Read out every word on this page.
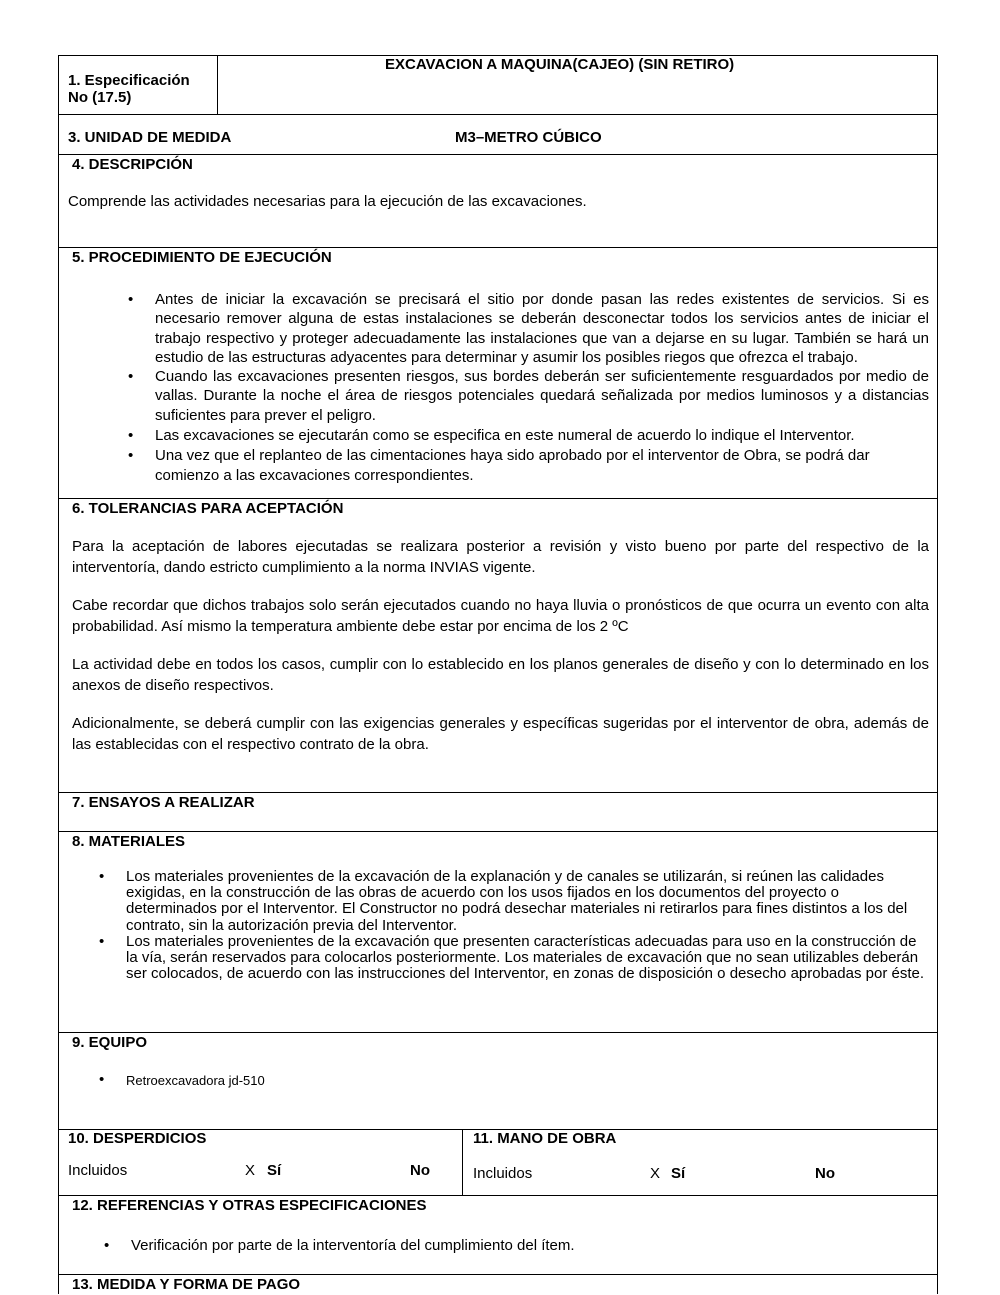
1. Especificación
No (17.5)
EXCAVACION A MAQUINA(CAJEO) (SIN RETIRO)
3. UNIDAD DE MEDIDA	M3–METRO CÚBICO
4. DESCRIPCIÓN
Comprende las actividades necesarias para la ejecución de las excavaciones.
5. PROCEDIMIENTO DE EJECUCIÓN
• Antes de iniciar la excavación se precisará el sitio por donde pasan las redes existentes de servicios. Si es necesario remover alguna de estas instalaciones se deberán desconectar todos los servicios antes de iniciar el trabajo respectivo y proteger adecuadamente las instalaciones que van a dejarse en su lugar. También se hará un estudio de las estructuras adyacentes para determinar y asumir los posibles riegos que ofrezca el trabajo.
• Cuando las excavaciones presenten riesgos, sus bordes deberán ser suficientemente resguardados por medio de vallas. Durante la noche el área de riesgos potenciales quedará señalizada por medios luminosos y a distancias suficientes para prever el peligro.
• Las excavaciones se ejecutarán como se especifica en este numeral de acuerdo lo indique el Interventor.
• Una vez que el replanteo de las cimentaciones haya sido aprobado por el interventor de Obra, se podrá dar comienzo a las excavaciones correspondientes.
6. TOLERANCIAS PARA ACEPTACIÓN
Para la aceptación de labores ejecutadas se realizara posterior a revisión y visto bueno por parte del respectivo de la interventoría, dando estricto cumplimiento a la norma INVIAS vigente.
Cabe recordar que dichos trabajos solo serán ejecutados cuando no haya lluvia o pronósticos de que ocurra un evento con alta probabilidad. Así mismo la temperatura ambiente debe estar por encima de los 2 ºC
La actividad debe en todos los casos, cumplir con lo establecido en los planos generales de diseño y con lo determinado en los anexos de diseño respectivos.
Adicionalmente, se deberá cumplir con las exigencias generales y específicas sugeridas por el interventor de obra, además de las establecidas con el respectivo contrato de la obra.
7. ENSAYOS A REALIZAR
8. MATERIALES
• Los materiales provenientes de la excavación de la explanación y de canales se utilizarán, si reúnen las calidades exigidas, en la construcción de las obras de acuerdo con los usos fijados en los documentos del proyecto o determinados por el Interventor. El Constructor no podrá desechar materiales ni retirarlos para fines distintos a los del contrato, sin la autorización previa del Interventor.
• Los materiales provenientes de la excavación que presenten características adecuadas para uso en la construcción de la vía, serán reservados para colocarlos posteriormente. Los materiales de excavación que no sean utilizables deberán ser colocados, de acuerdo con las instrucciones del Interventor, en zonas de disposición o desecho aprobadas por éste.
9. EQUIPO
• Retroexcavadora jd-510
10. DESPERDICIOS
Incluidos	X Sí	No
11. MANO DE OBRA
Incluidos	X Sí	No
12. REFERENCIAS Y OTRAS ESPECIFICACIONES
• Verificación por parte de la interventoría del cumplimiento del ítem.
13. MEDIDA Y FORMA DE PAGO
